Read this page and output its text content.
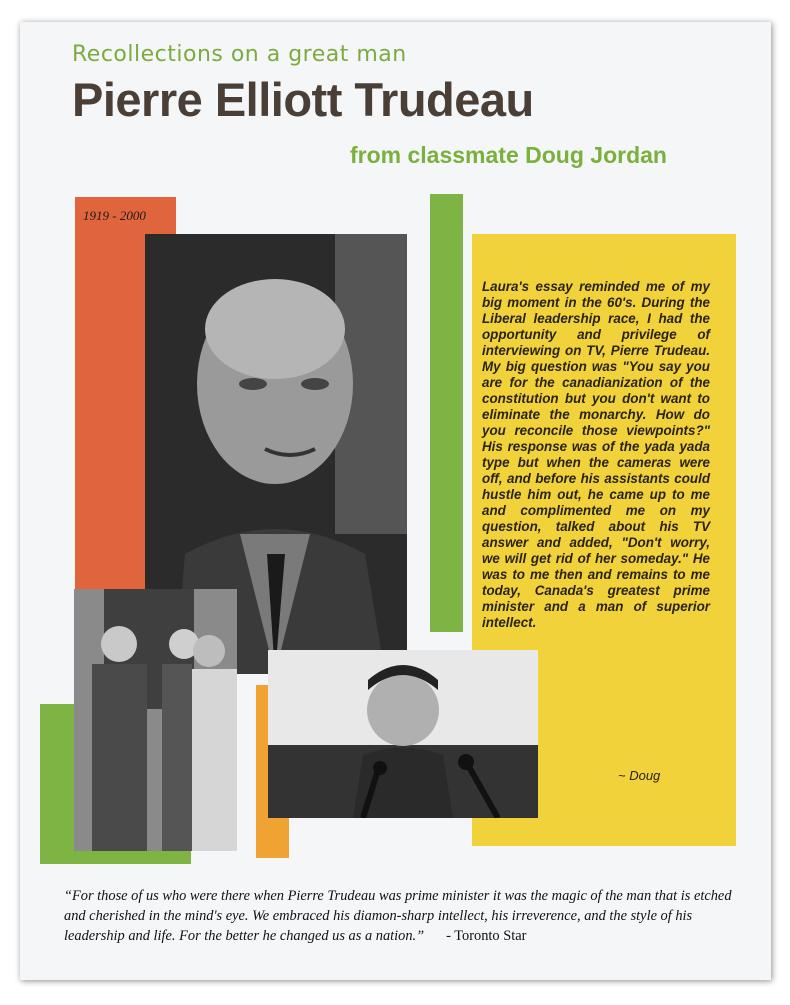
Recollections on a great man
Pierre Elliott Trudeau
from classmate Doug Jordan
1919 - 2000
Laura's essay reminded me of my big moment in the 60's. During the Liberal leadership race, I had the opportunity and privilege of interviewing on TV, Pierre Trudeau. My big question was "You say you are for the canadianization of the constitution but you don't want to eliminate the monarchy. How do you reconcile those viewpoints?" His response was of the yada yada type but when the cameras were off, and before his assistants could hustle him out, he came up to me and complimented me on my question, talked about his TV answer and added, "Don't worry, we will get rid of her someday." He was to me then and remains to me today, Canada's greatest prime minister and a man of superior intellect.
~ Doug
“For those of us who were there when Pierre Trudeau was prime minister it was the magic of the man that is etched and cherished in the mind's eye. We embraced his diamon-sharp intellect, his irreverence, and the style of his leadership and life. For the better he changed us as a nation.” - Toronto Star
